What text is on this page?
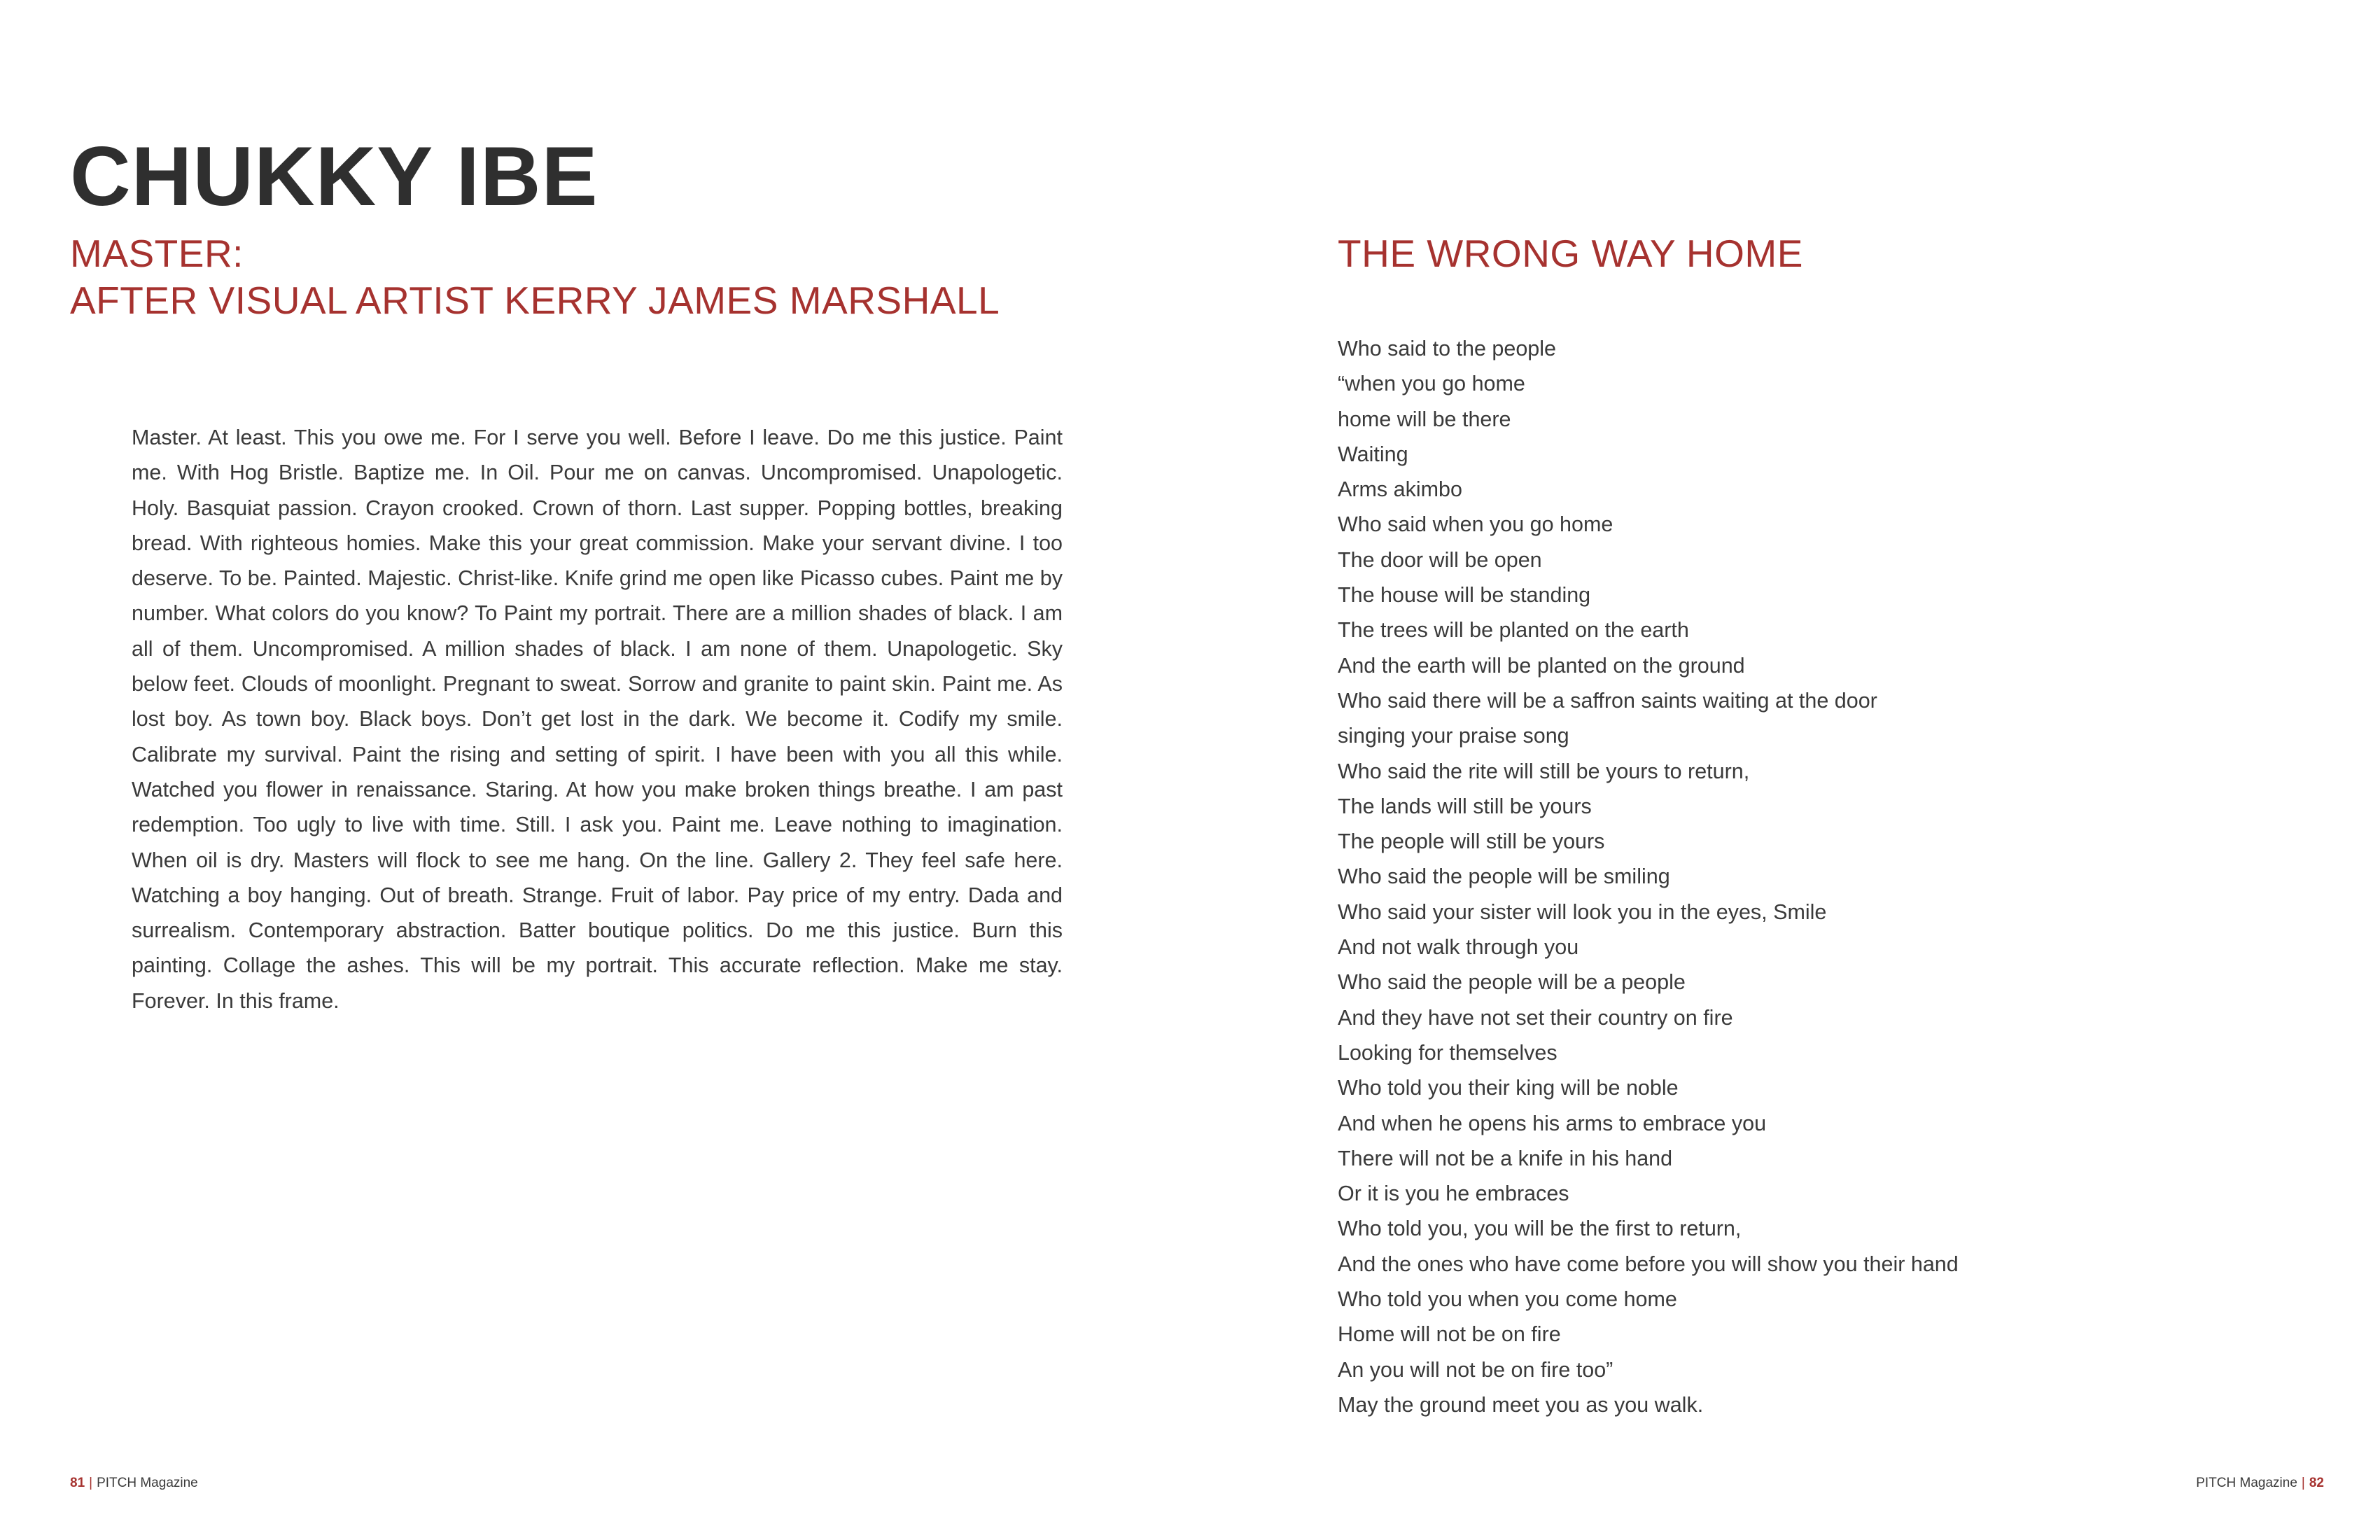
CHUKKY IBE
MASTER:
AFTER VISUAL ARTIST KERRY JAMES MARSHALL

Master. At least. This you owe me. For I serve you well. Before I leave. Do me this justice. Paint me. With Hog Bristle. Baptize me. In Oil. Pour me on canvas. Uncompromised. Unapologetic. Holy. Basquiat passion. Crayon crooked. Crown of thorn. Last supper. Popping bottles, breaking bread. With righteous homies. Make this your great commission. Make your servant divine. I too deserve. To be. Painted. Majestic. Christ-like. Knife grind me open like Picasso cubes. Paint me by number. What colors do you know? To Paint my portrait. There are a million shades of black. I am all of them. Uncompromised. A million shades of black. I am none of them. Unapologetic. Sky below feet. Clouds of moonlight. Pregnant to sweat. Sorrow and granite to paint skin. Paint me. As lost boy. As town boy. Black boys. Don’t get lost in the dark. We become it. Codify my smile. Calibrate my survival. Paint the rising and setting of spirit. I have been with you all this while. Watched you flower in renaissance. Staring. At how you make broken things breathe. I am past redemption. Too ugly to live with time. Still. I ask you. Paint me. Leave nothing to imagination. When oil is dry. Masters will flock to see me hang. On the line. Gallery 2. They feel safe here. Watching a boy hanging. Out of breath. Strange. Fruit of labor. Pay price of my entry. Dada and surrealism. Contemporary abstraction. Batter boutique politics. Do me this justice. Burn this painting. Collage the ashes. This will be my portrait. This accurate reflection. Make me stay. Forever. In this frame.

81 | PITCH Magazine
THE WRONG WAY HOME
Who said to the people
“when you go home
home will be there
Waiting
Arms akimbo
Who said when you go home
The door will be open
The house will be standing
The trees will be planted on the earth
And the earth will be planted on the ground
Who said there will be a saffron saints waiting at the door
singing your praise song
Who said the rite will still be yours to return,
The lands will still be yours
The people will still be yours
Who said the people will be smiling
Who said your sister will look you in the eyes, Smile
And not walk through you
Who said the people will be a people
And they have not set their country on fire
Looking for themselves
Who told you their king will be noble
And when he opens his arms to embrace you
There will not be a knife in his hand
Or it is you he embraces
Who told you, you will be the first to return,
And the ones who have come before you will show you their hand
Who told you when you come home
Home will not be on fire
An you will not be on fire too”
May the ground meet you as you walk.
PITCH Magazine | 82
